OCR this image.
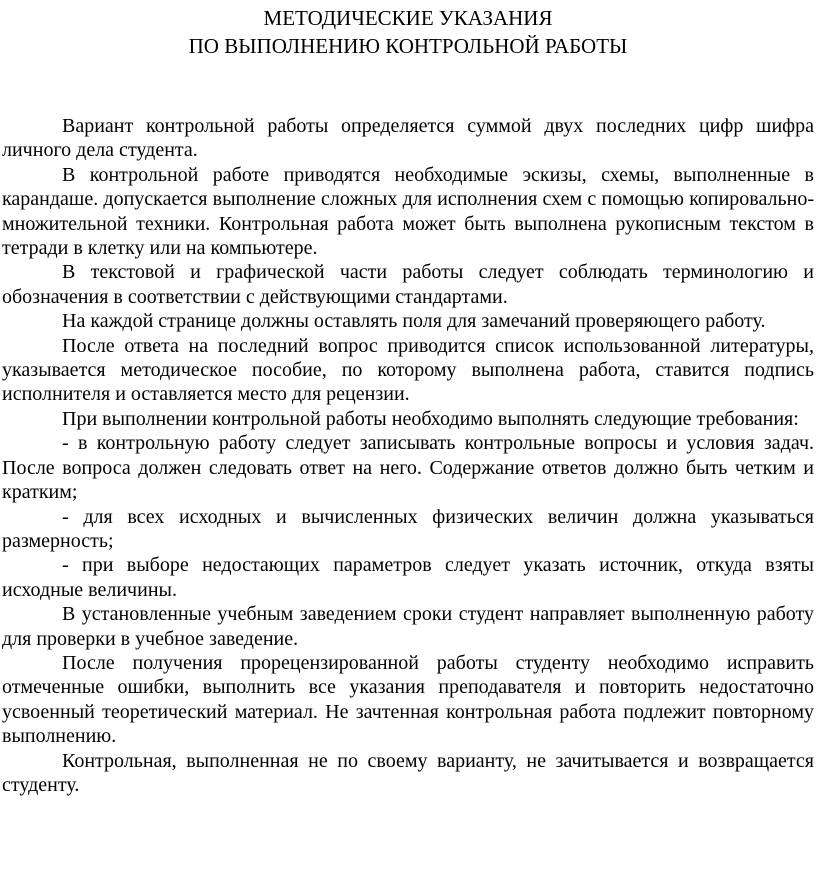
МЕТОДИЧЕСКИЕ УКАЗАНИЯ
ПО ВЫПОЛНЕНИЮ КОНТРОЛЬНОЙ РАБОТЫ

Вариант контрольной работы определяется суммой двух последних цифр шифра личного дела студента.

В контрольной работе приводятся необходимые эскизы, схемы, выполненные в карандаше. допускается выполнение сложных для исполнения схем с помощью копировально-множительной техники. Контрольная работа может быть выполнена рукописным текстом в тетради в клетку или на компьютере.

В текстовой и графической части работы следует соблюдать терминологию и обозначения в соответствии с действующими стандартами.

На каждой странице должны оставлять поля для замечаний проверяющего работу.

После ответа на последний вопрос приводится список использованной литературы, указывается методическое пособие, по которому выполнена работа, ставится подпись исполнителя и оставляется место для рецензии.

При выполнении контрольной работы необходимо выполнять следующие требования:

- в контрольную работу следует записывать контрольные вопросы и условия задач. После вопроса должен следовать ответ на него. Содержание ответов должно быть четким и кратким;

- для всех исходных и вычисленных физических величин должна указываться размерность;

- при выборе недостающих параметров следует указать источник, откуда взяты исходные величины.

В установленные учебным заведением сроки студент направляет выполненную работу для проверки в учебное заведение.

После получения прорецензированной работы студенту необходимо исправить отмеченные ошибки, выполнить все указания преподавателя и повторить недостаточно усвоенный теоретический материал. Не зачтенная контрольная работа подлежит повторному выполнению.

Контрольная, выполненная не по своему варианту, не зачитывается и возвращается студенту.
